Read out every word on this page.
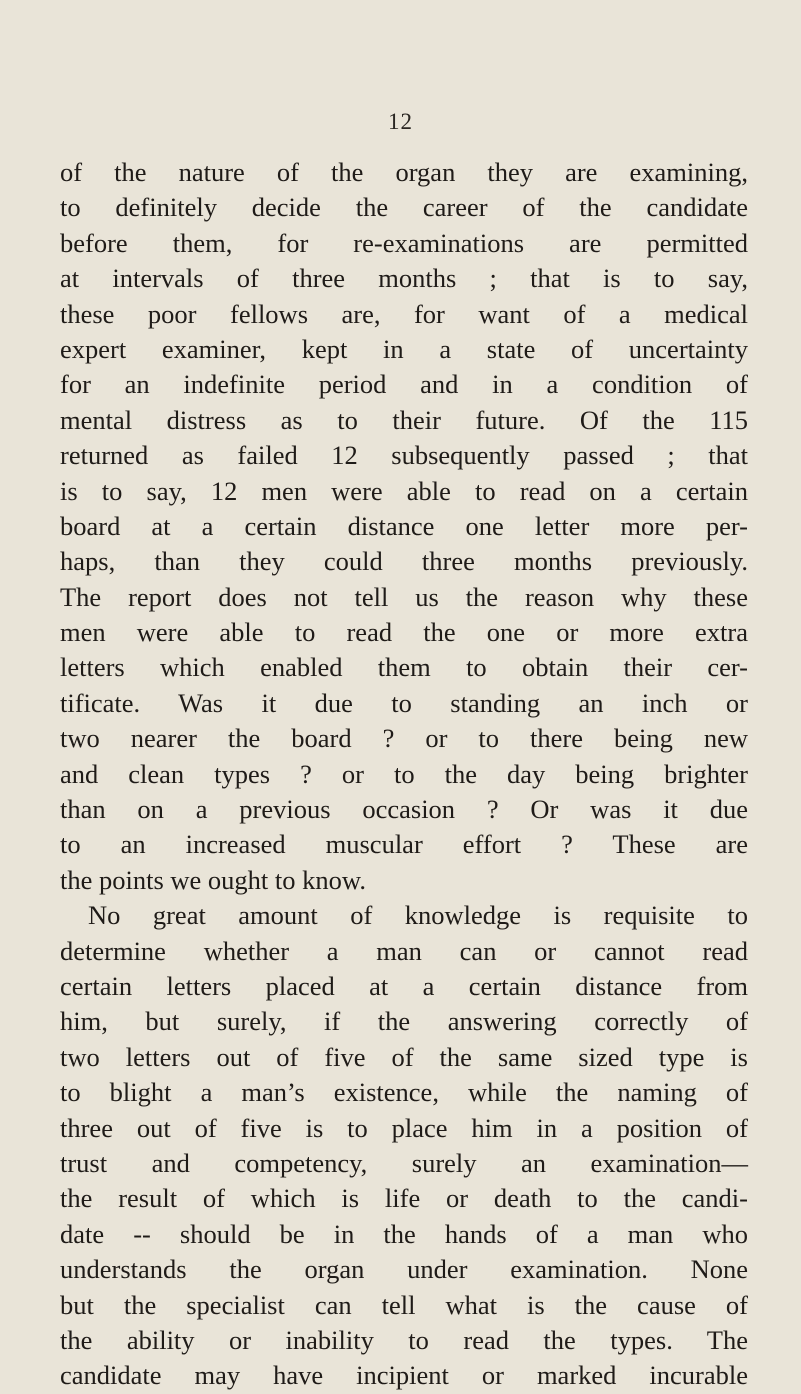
12
of the nature of the organ they are examining,
to definitely decide the career of the candidate
before them, for re-examinations are permitted
at intervals of three months ; that is to say,
these poor fellows are, for want of a medical
expert examiner, kept in a state of uncertainty
for an indefinite period and in a condition of
mental distress as to their future. Of the 115
returned as failed 12 subsequently passed ; that
is to say, 12 men were able to read on a certain
board at a certain distance one letter more per-
haps, than they could three months previously.
The report does not tell us the reason why these
men were able to read the one or more extra
letters which enabled them to obtain their cer-
tificate. Was it due to standing an inch or
two nearer the board ? or to there being new
and clean types ? or to the day being brighter
than on a previous occasion ? Or was it due
to an increased muscular effort ? These are
the points we ought to know.
No great amount of knowledge is requisite to
determine whether a man can or cannot read
certain letters placed at a certain distance from
him, but surely, if the answering correctly of
two letters out of five of the same sized type is
to blight a man’s existence, while the naming of
three out of five is to place him in a position of
trust and competency, surely an examination—
the result of which is life or death to the candi-
date -- should be in the hands of a man who
understands the organ under examination. None
but the specialist can tell what is the cause of
the ability or inability to read the types. The
candidate may have incipient or marked incurable
